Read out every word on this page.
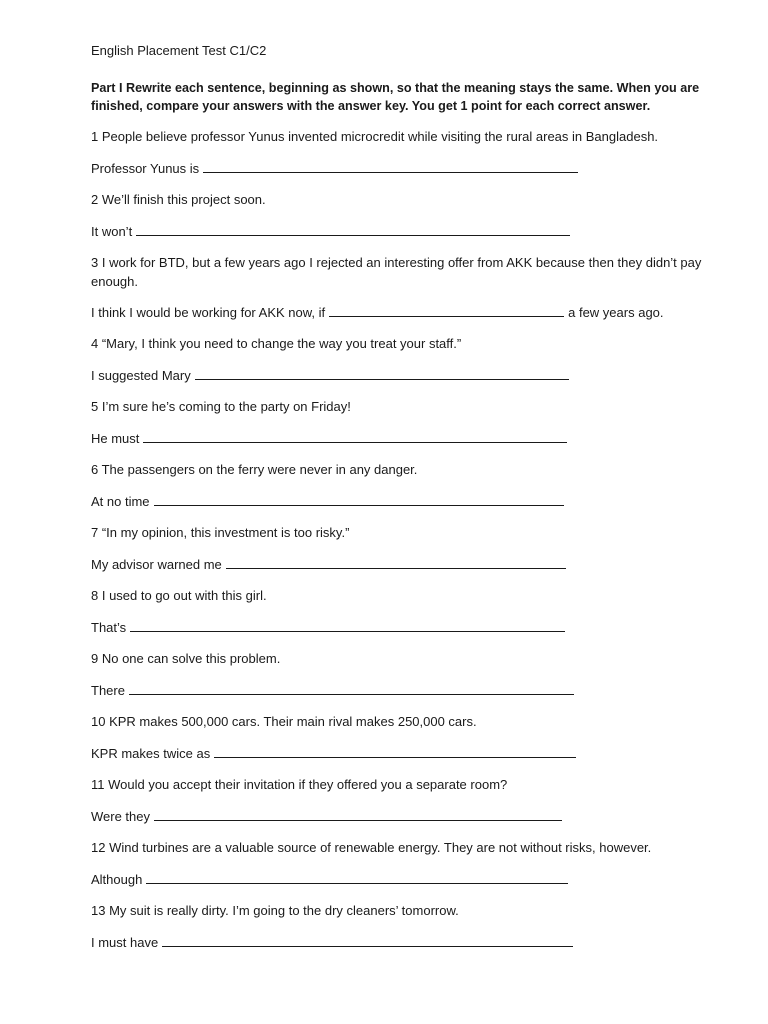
English Placement Test C1/C2
Part I Rewrite each sentence, beginning as shown, so that the meaning stays the same. When you are finished, compare your answers with the answer key. You get 1 point for each correct answer.
1 People believe professor Yunus invented microcredit while visiting the rural areas in Bangladesh.
Professor Yunus is
2 We’ll finish this project soon.
It won’t
3 I work for BTD, but a few years ago I rejected an interesting offer from AKK because then they didn’t pay enough.
I think I would be working for AKK now, if	a few years ago.
4 “Mary, I think you need to change the way you treat your staff.”
I suggested Mary
5 I’m sure he’s coming to the party on Friday!
He must
6 The passengers on the ferry were never in any danger.
At no time
7 “In my opinion, this investment is too risky.”
My advisor warned me
8 I used to go out with this girl.
That’s
9 No one can solve this problem.
There
10 KPR makes 500,000 cars. Their main rival makes 250,000 cars.
KPR makes twice as
11 Would you accept their invitation if they offered you a separate room?
Were they
12 Wind turbines are a valuable source of renewable energy. They are not without risks, however.
Although
13 My suit is really dirty. I’m going to the dry cleaners’ tomorrow.
I must have
